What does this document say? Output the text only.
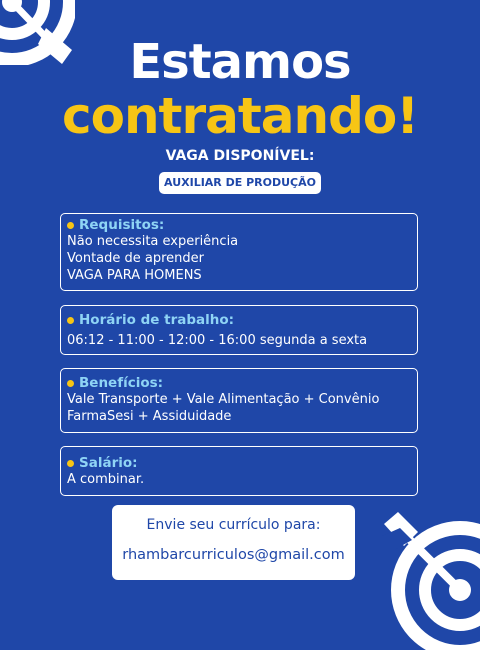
Estamos
contratando!
VAGA DISPONÍVEL:
AUXILIAR DE PRODUÇÃO
Requisitos:
Não necessita experiência
Vontade de aprender
VAGA PARA HOMENS
Horário de trabalho:
06:12 - 11:00 - 12:00 - 16:00 segunda a sexta
Benefícios:
Vale Transporte + Vale Alimentação + Convênio FarmaSesi + Assiduidade
Salário:
A combinar.
Envie seu currículo para:
rhambarcurriculos@gmail.com
